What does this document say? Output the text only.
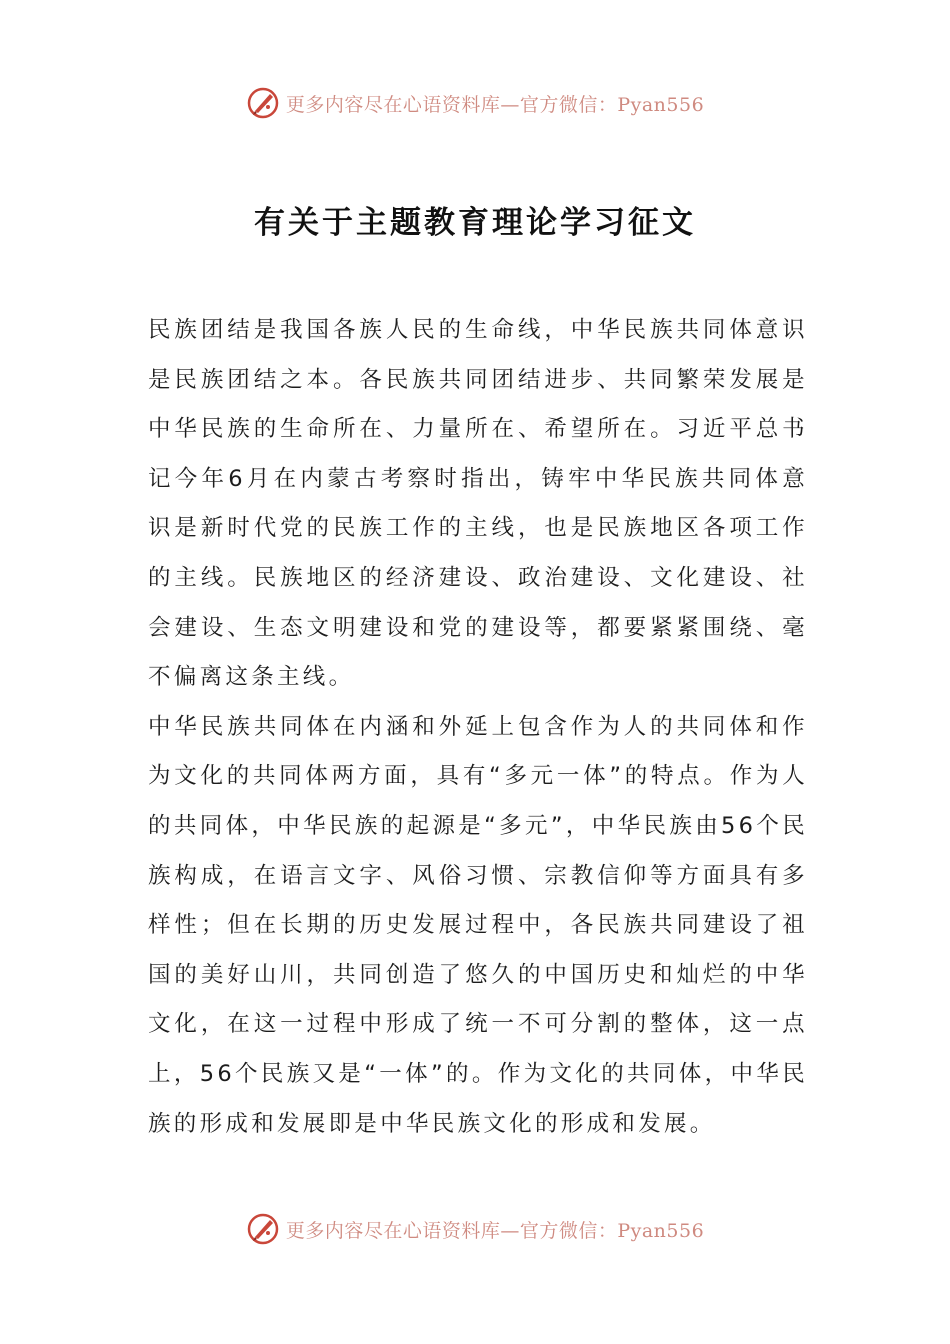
更多内容尽在心语资料库—官方微信：Pyan556
有关于主题教育理论学习征文

民族团结是我国各族人民的生命线，中华民族共同体意识是民族团结之本。各民族共同团结进步、共同繁荣发展是中华民族的生命所在、力量所在、希望所在。习近平总书记今年6月在内蒙古考察时指出，铸牢中华民族共同体意识是新时代党的民族工作的主线，也是民族地区各项工作的主线。民族地区的经济建设、政治建设、文化建设、社会建设、生态文明建设和党的建设等，都要紧紧围绕、毫不偏离这条主线。

中华民族共同体在内涵和外延上包含作为人的共同体和作为文化的共同体两方面，具有“多元一体”的特点。作为人的共同体，中华民族的起源是“多元”，中华民族由56个民族构成，在语言文字、风俗习惯、宗教信仰等方面具有多样性；但在长期的历史发展过程中，各民族共同建设了祖国的美好山川，共同创造了悠久的中国历史和灿烂的中华文化，在这一过程中形成了统一不可分割的整体，这一点上，56个民族又是“一体”的。作为文化的共同体，中华民族的形成和发展即是中华民族文化的形成和发展。

更多内容尽在心语资料库—官方微信：Pyan556
